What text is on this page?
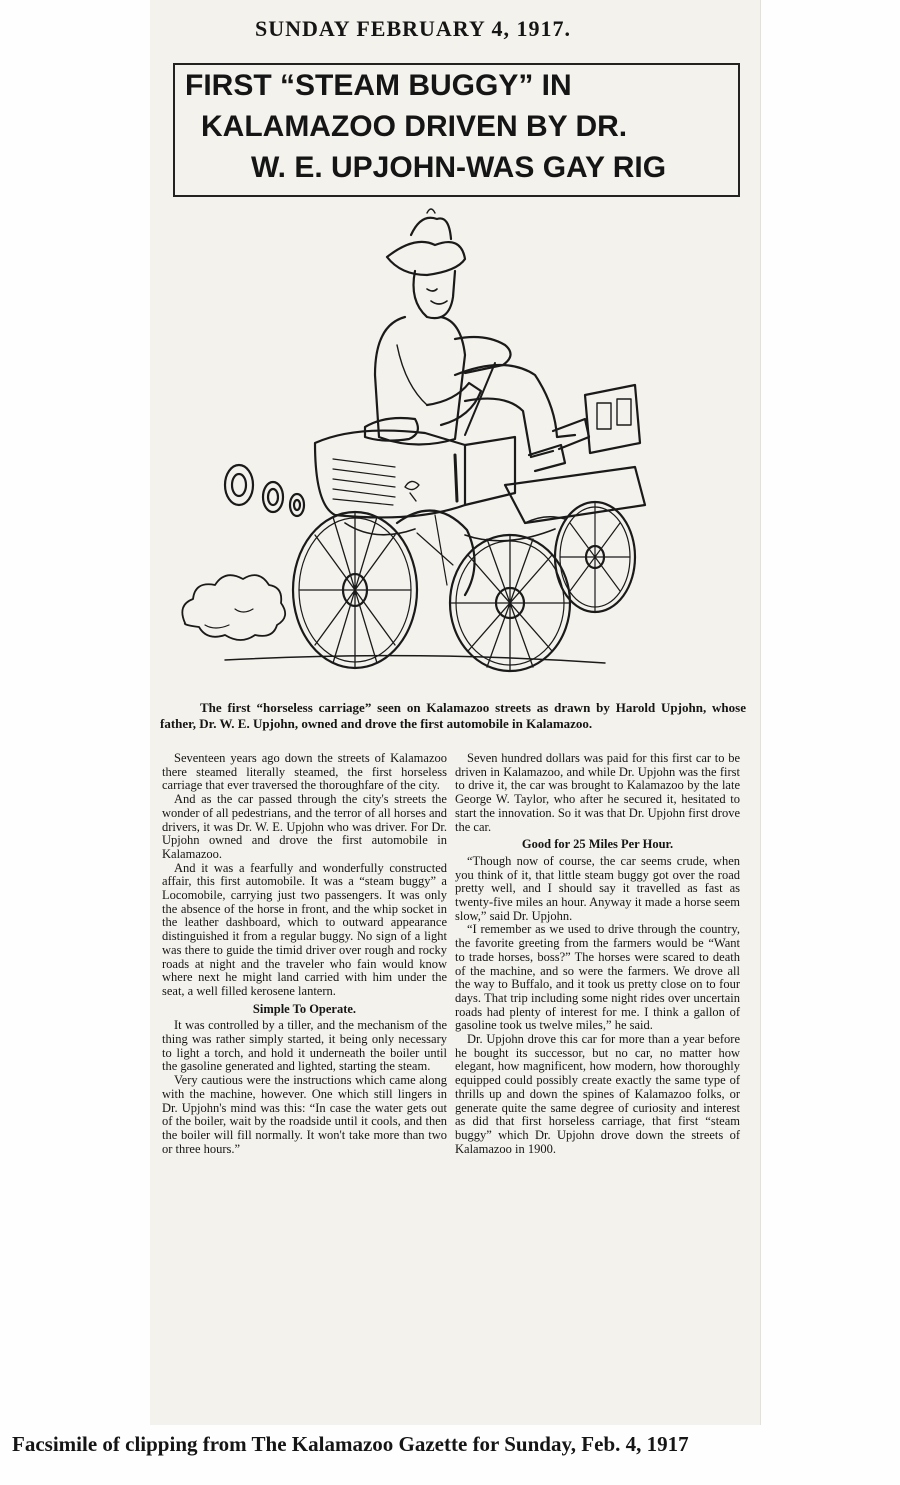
SUNDAY FEBRUARY 4, 1917.
FIRST “STEAM BUGGY” IN
KALAMAZOO DRIVEN BY DR.
W. E. UPJOHN-WAS GAY RIG
The first “horseless carriage” seen on Kalamazoo streets as drawn by Harold Upjohn, whose father, Dr. W. E. Upjohn, owned and drove the first automobile in Kalamazoo.

Seventeen years ago down the streets of Kalamazoo there steamed literally steamed, the first horseless carriage that ever traversed the thoroughfare of the city.

And as the car passed through the city's streets the wonder of all pedestrians, and the terror of all horses and drivers, it was Dr. W. E. Upjohn who was driver. For Dr. Upjohn owned and drove the first automobile in Kalamazoo.

And it was a fearfully and wonderfully constructed affair, this first automobile. It was a “steam buggy” a Locomobile, carrying just two passengers. It was only the absence of the horse in front, and the whip socket in the leather dashboard, which to outward appearance distinguished it from a regular buggy. No sign of a light was there to guide the timid driver over rough and rocky roads at night and the traveler who fain would know where next he might land carried with him under the seat, a well filled kerosene lantern.

Simple To Operate.

It was controlled by a tiller, and the mechanism of the thing was rather simply started, it being only necessary to light a torch, and hold it underneath the boiler until the gasoline generated and lighted, starting the steam.

Very cautious were the instructions which came along with the machine, however. One which still lingers in Dr. Upjohn's mind was this: “In case the water gets out of the boiler, wait by the roadside until it cools, and then the boiler will fill normally. It won't take more than two or three hours.”

Seven hundred dollars was paid for this first car to be driven in Kalamazoo, and while Dr. Upjohn was the first to drive it, the car was brought to Kalamazoo by the late George W. Taylor, who after he secured it, hesitated to start the innovation. So it was that Dr. Upjohn first drove the car.

Good for 25 Miles Per Hour.

“Though now of course, the car seems crude, when you think of it, that little steam buggy got over the road pretty well, and I should say it travelled as fast as twenty-five miles an hour. Anyway it made a horse seem slow,” said Dr. Upjohn.

“I remember as we used to drive through the country, the favorite greeting from the farmers would be “Want to trade horses, boss?” The horses were scared to death of the machine, and so were the farmers. We drove all the way to Buffalo, and it took us pretty close on to four days. That trip including some night rides over uncertain roads had plenty of interest for me. I think a gallon of gasoline took us twelve miles,” he said.

Dr. Upjohn drove this car for more than a year before he bought its successor, but no car, no matter how elegant, how magnificent, how modern, how thoroughly equipped could possibly create exactly the same type of thrills up and down the spines of Kalamazoo folks, or generate quite the same degree of curiosity and interest as did that first horseless carriage, that first “steam buggy” which Dr. Upjohn drove down the streets of Kalamazoo in 1900.

Facsimile of clipping from The Kalamazoo Gazette for Sunday, Feb. 4, 1917
